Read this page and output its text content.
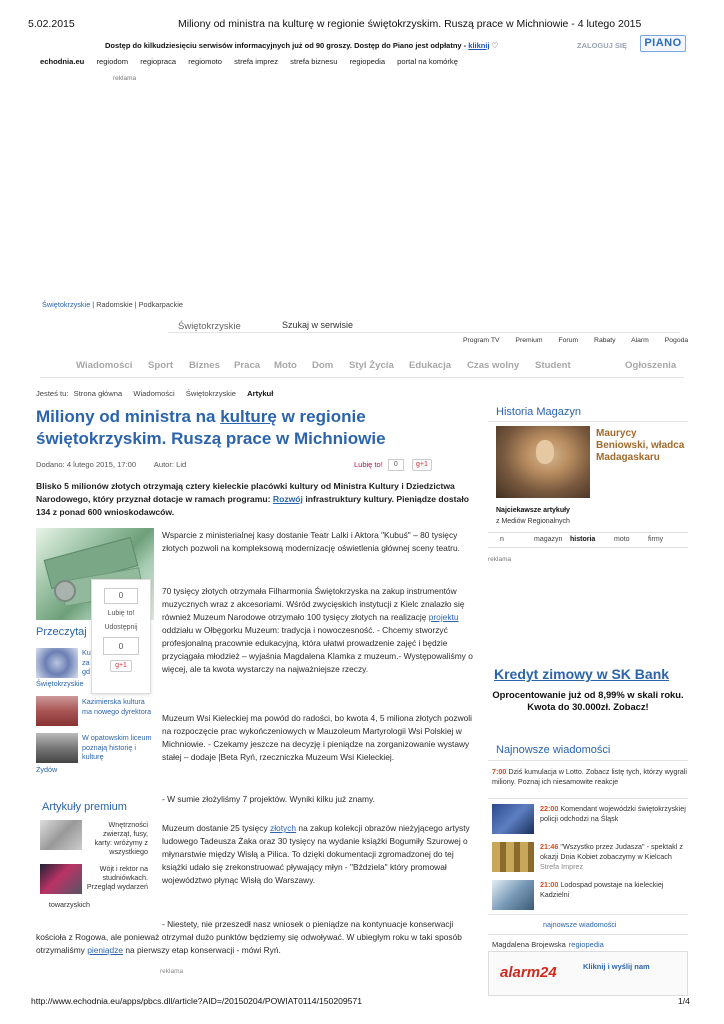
5.02.2015	Miliony od ministra na kulturę w regionie świętokrzyskim. Ruszą prace w Michniowie - 4 lutego 2015
Dostęp do kilkudziesięciu serwisów informacyjnych już od 90 groszy. Dostęp do Piano jest odpłatny - kliknij ♡	ZALOGUJ SIĘ	PIANO
echodnia.eu regiodom regiopraca regiomoto strefa imprez strefa biznesu regiopedia portal na komórkę
reklama
Świętokrzyskie | Radomskie | Podkarpackie
Świętokrzyskie	Szukaj w serwisie
Program TV Premium Forum Rabaty Alarm Pogoda
Wiadomości Sport Biznes Praca Moto Dom Styl Życia Edukacja Czas wolny Student	Ogłoszenia
Jesteś tu: Strona główna Wiadomości Świętokrzyskie Artykuł
Miliony od ministra na kulturę w regionie świętokrzyskim. Ruszą prace w Michniowie
Dodano: 4 lutego 2015, 17:00 Autor: Lid	Lubię to! 0	g+1
Blisko 5 milionów złotych otrzymają cztery kieleckie placówki kultury od Ministra Kultury i Dziedzictwa Narodowego, który przyznał dotacje w ramach programu: Rozwój infrastruktury kultury. Pieniądze dostało 134 z ponad 600 wnioskodawców.
0
Lubię to!
Udostępnij
0
g+1
Przeczytaj
Ku za gd
Świętokrzyskie
Kazimierska kultura ma nowego dyrektora
W opatowskim liceum poznają historię i kulturę
Żydów
Artykuły premium
Wnętrzności zwierząt, fusy, karty: wróżymy z wszystkiego
Wójt i rektor na studniówkach. Przegląd wydarzeń
towarzyskich
Wsparcie z ministerialnej kasy dostanie Teatr Lalki i Aktora "Kubuś" – 80 tysięcy złotych pozwoli na kompleksową modernizację oświetlenia głównej sceny teatru.
70 tysięcy złotych otrzymała Filharmonia Świętokrzyska na zakup instrumentów muzycznych wraz z akcesoriami. Wśród zwycięskich instytucji z Kielc znalazło się również Muzeum Narodowe otrzymało 100 tysięcy złotych na realizację projektu oddziału w Ołbęgorku Muzeum: tradycja i nowoczesność. - Chcemy stworzyć profesjonalną pracownie edukacyjną, która ułatwi prowadzenie zajęć i będzie przyciągała młodzież – wyjaśnia Magdalena Klamka z muzeum.- Występowaliśmy o więcej, ale ta kwota wystarczy na najważniejsze rzeczy.
Muzeum Wsi Kieleckiej ma powód do radości, bo kwota 4, 5 miliona złotych pozwoli na rozpoczęcie prac wykończeniowych w Mauzoleum Martyrologii Wsi Polskiej w Michniowie. - Czekamy jeszcze na decyzję i pieniądze na zorganizowanie wystawy stałej – dodaje |Beta Ryń, rzeczniczka Muzeum Wsi Kieleckiej.
- W sumie złożyliśmy 7 projektów. Wyniki kilku już znamy.
Muzeum dostanie 25 tysięcy złotych na zakup kolekcji obrazów nieżyjącego artysty ludowego Tadeusza Żaka oraz 30 tysięcy na wydanie książki Bogumiły Szurowej o młynarstwie między Wisłą a Pilica. To dzięki dokumentacji zgromadzonej do tej książki udało się zrekonstruować pływający młyn - "Bździela" który promował województwo płynąc Wisłą do Warszawy.
- Niestety, nie przeszedł nasz wniosek o pieniądze na kontynuacje konserwacji kościoła z Rogowa, ale ponieważ otrzymał dużo punktów będziemy się odwoływać. W ubiegłym roku w taki sposób otrzymaliśmy pieniądze na pierwszy etap konserwacji - mówi Ryń.
reklama
Historia Magazyn
Maurycy Beniowski, władca Madagaskaru
Najciekawsze artykuły
z Mediów Regionalnych
n	magazyn historia	moto	firmy
reklama
Kredyt zimowy w SK Bank
Oprocentowanie już od 8,99% w skali roku. Kwota do 30.000zł. Zobacz!
Najnowsze wiadomości
7:00 Dziś kumulacja w Lotto. Zobacz listę tych, którzy wygrali miliony. Poznaj ich niesamowite reakcje
22:00 Komendant wojewódzki świętokrzyskiej policji odchodzi na Śląsk
21:46 "Wszystko przez Judasza" - spektakl z okazji Dnia Kobiet zobaczymy w Kielcach Strefa Imprez
21:00 Lodospad powstaje na kieleckiej Kadzielni
najnowsze wiadomości
Magdalena Brojewska regiopedia
alarm24	Kliknij i wyślij nam
http://www.echodnia.eu/apps/pbcs.dll/article?AID=/20150204/POWIAT0114/150209571	1/4
